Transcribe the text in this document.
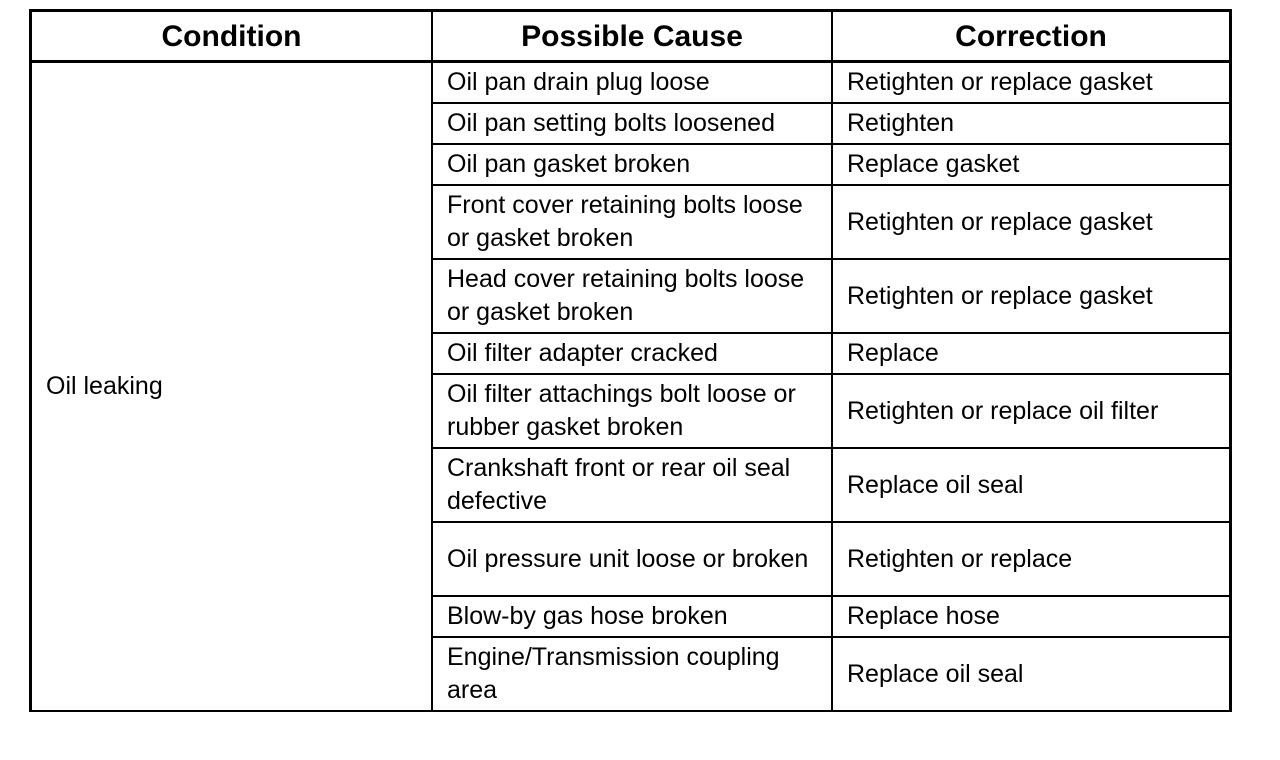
Condition	Possible Cause	Correction
Oil leaking	Oil pan drain plug loose	Retighten or replace gasket
	Oil pan setting bolts loosened	Retighten
	Oil pan gasket broken	Replace gasket
	Front cover retaining bolts loose or gasket broken	Retighten or replace gasket
	Head cover retaining bolts loose or gasket broken	Retighten or replace gasket
	Oil filter adapter cracked	Replace
	Oil filter attachings bolt loose or rubber gasket broken	Retighten or replace oil filter
	Crankshaft front or rear oil seal defective	Replace oil seal
	Oil pressure unit loose or broken	Retighten or replace
	Blow-by gas hose broken	Replace hose
	Engine/Transmission coupling area	Replace oil seal
